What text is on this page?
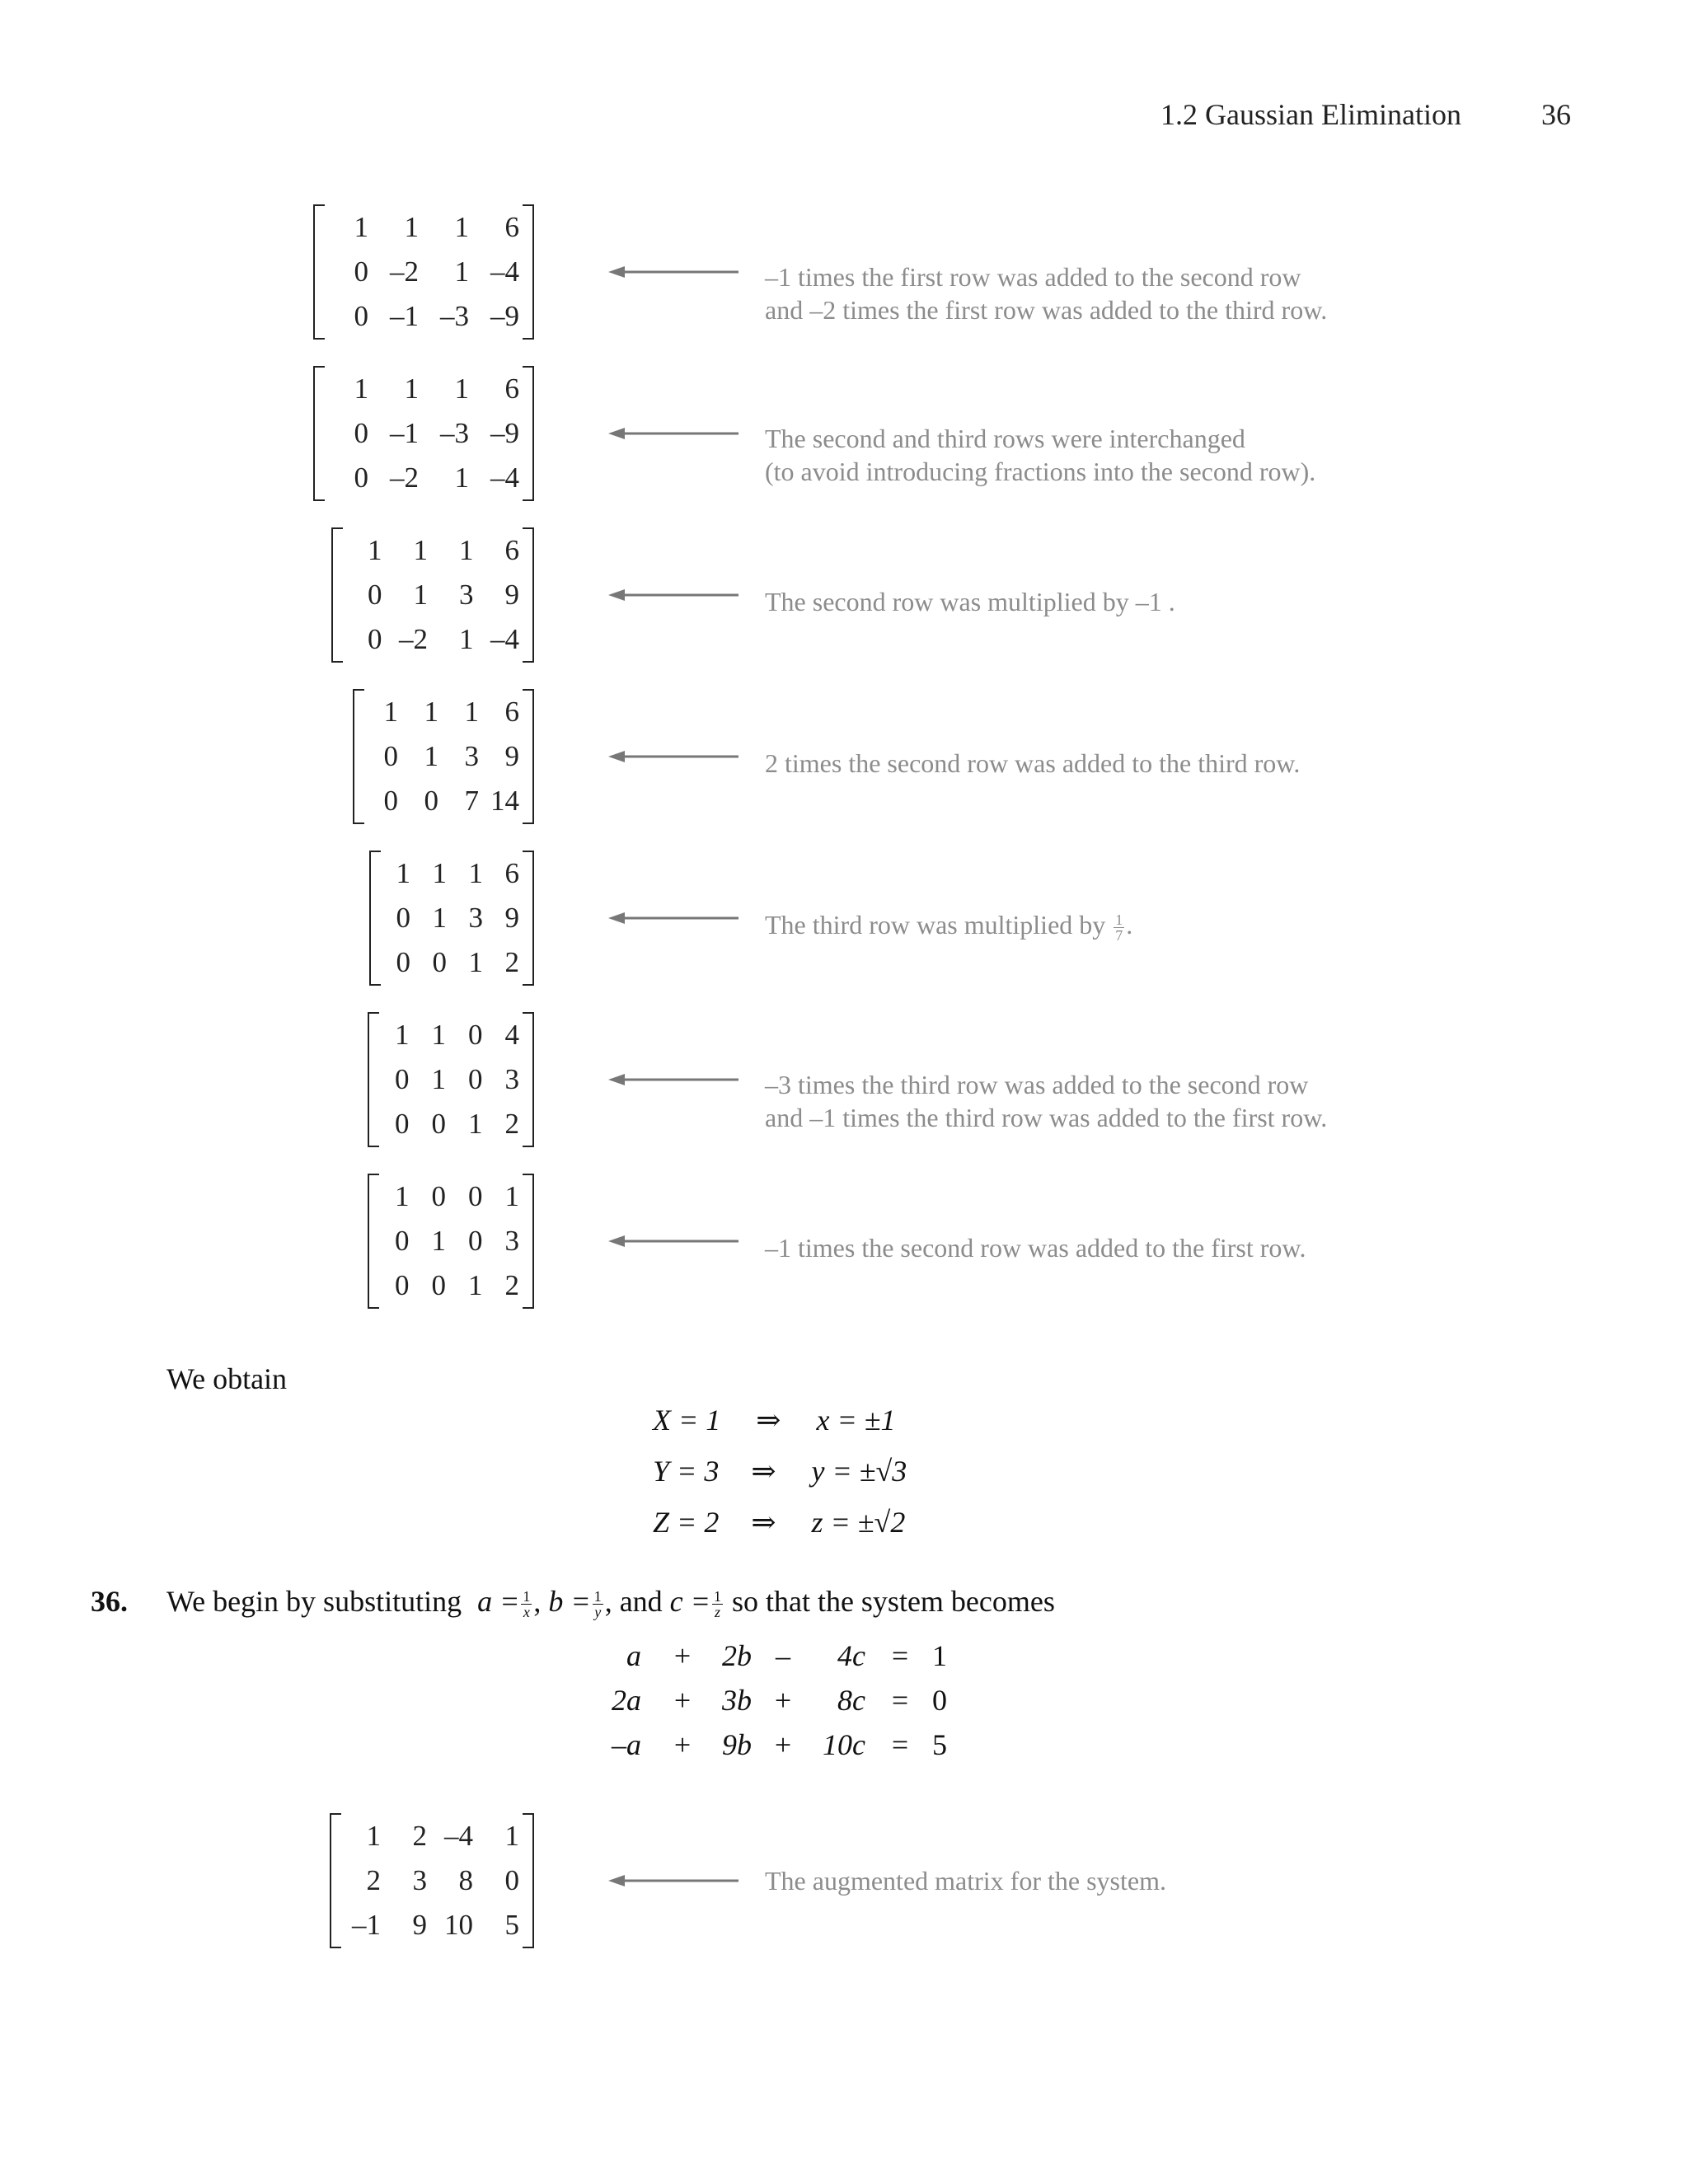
1.2 Gaussian Elimination	36
1	1	1	6
0 –2	1 –4
0 –1 –3 –9
–1 times the first row was added to the second row
and –2 times the first row was added to the third row.
1	1	1	6
0 –1 –3 –9
0 –2	1 –4
The second and third rows were interchanged
(to avoid introducing fractions into the second row).
1	1	1	6
0	1	3	9
0 –2	1 –4
The second row was multiplied by –1 .
1 1 1 6
0 1 3 9
0 0 7 14
2 times the second row was added to the third row.
1 1 1 6
0 1 3 9
0 0 1 2
The third row was multiplied by $\frac{1}{7}$ .
1 1 0 4
0 1 0 3
0 0 1 2
–3 times the third row was added to the second row
and –1 times the third row was added to the first row.
1 0 0 1
0 1 0 3
0 0 1 2
–1 times the second row was added to the first row.
We obtain
X = 1 ⇒ x = ±1
Y = 3 ⇒ y = ±√3
Z = 2 ⇒ z = ±√2
36. We begin by substituting $a = \frac{1}{x}$ , $b = \frac{1}{y}$ , and $c = \frac{1}{z}$ so that the system becomes
a +	2b –	4c = 1
2a +	3b +	8c = 0
–a +	9b +	10c = 5
1	2 –4	1
2	3	8	0
–1	9 10	5
The augmented matrix for the system.
